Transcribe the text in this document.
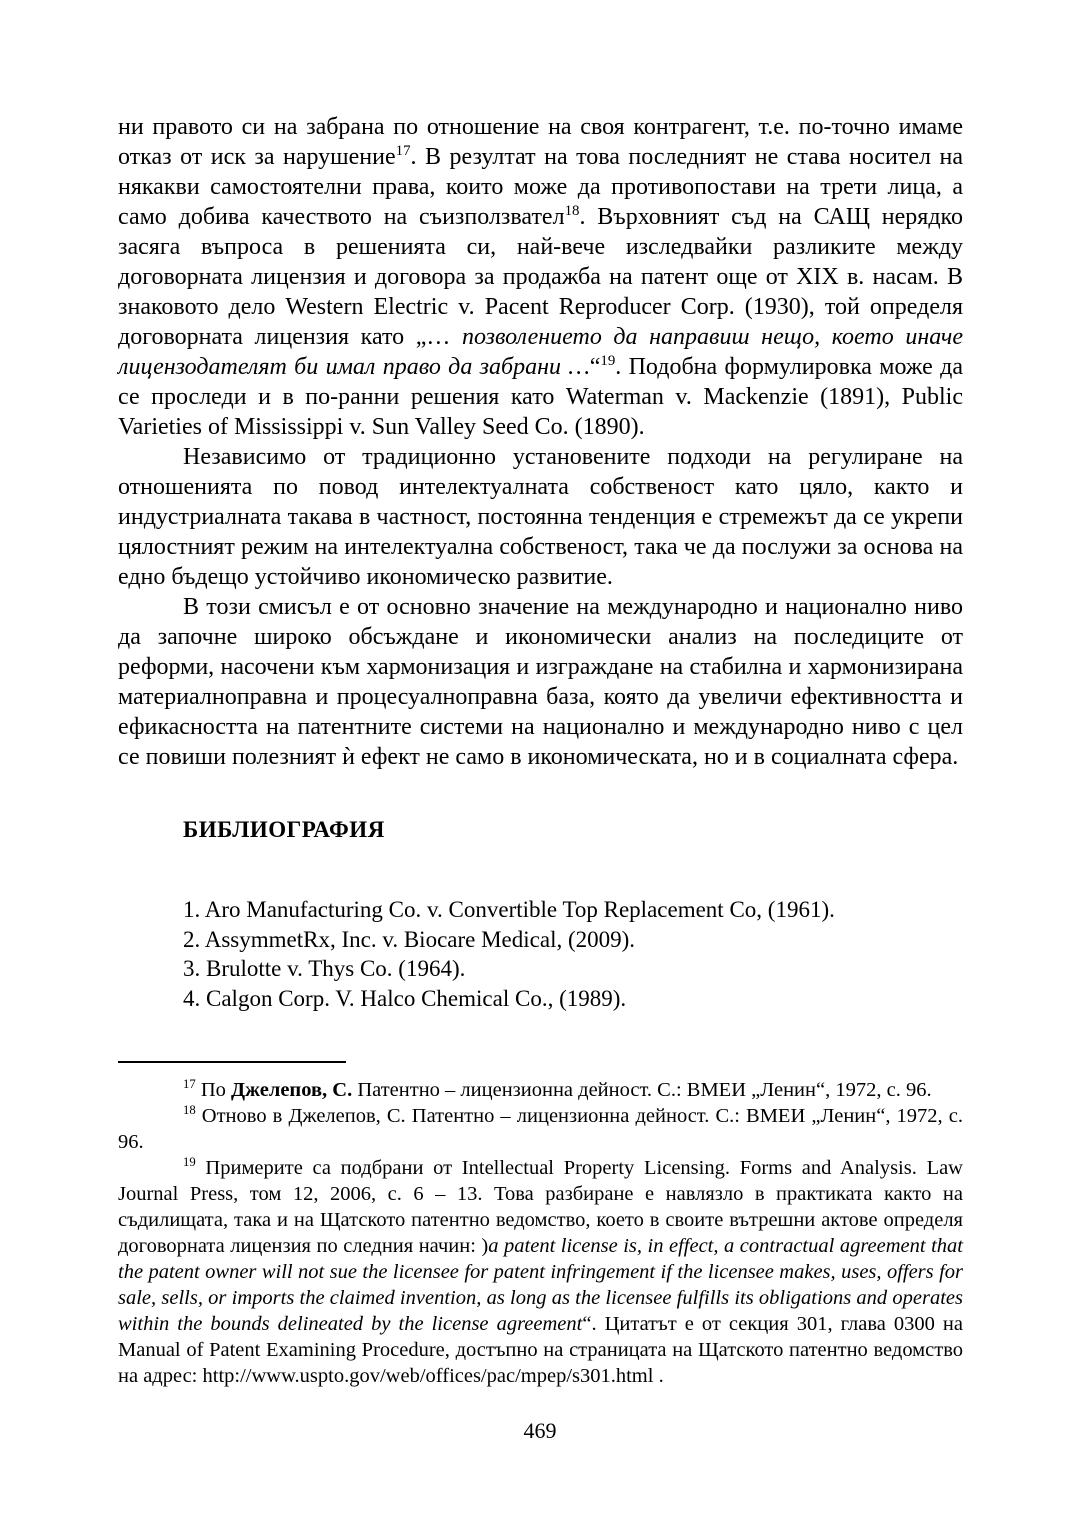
ни правото си на забрана по отношение на своя контрагент, т.е. по-точно имаме отказ от иск за нарушение$^{17}$. В резултат на това последният не става носител на някакви самостоятелни права, които може да противопостави на трети лица, а само добива качеството на съизползвател$^{18}$. Върховният съд на САЩ нерядко засяга въпроса в решенията си, най-вече изследвайки разликите между договорната лицензия и договора за продажба на патент още от XIX в. насам. В знаковото дело Western Electric v. Pacent Reproducer Corp. (1930), той определя договорната лицензия като „… позволението да направиш нещо, което иначе лицензодателят би имал право да забрани …“$^{19}$. Подобна формулировка може да се проследи и в по-ранни решения като Waterman v. Mackenzie (1891), Public Varieties of Mississippi v. Sun Valley Seed Co. (1890).

Независимо от традиционно установените подходи на регулиране на отношенията по повод интелектуалната собственост като цяло, както и индустриалната такава в частност, постоянна тенденция е стремежът да се укрепи цялостният режим на интелектуална собственост, така че да послужи за основа на едно бъдещо устойчиво икономическо развитие.

В този смисъл е от основно значение на международно и национално ниво да започне широко обсъждане и икономически анализ на последиците от реформи, насочени към хармонизация и изграждане на стабилна и хармонизирана материалноправна и процесуалноправна база, която да увеличи ефективността и ефикасността на патентните системи на национално и международно ниво с цел се повиши полезният ѝ ефект не само в икономическата, но и в социалната сфера.

БИБЛИОГРАФИЯ
1. Aro Manufacturing Co. v. Convertible Top Replacement Co, (1961).
2. AssymmetRx, Inc. v. Biocare Medical, (2009).
3. Brulotte v. Thys Co. (1964).
4. Calgon Corp. V. Halco Chemical Co., (1989).

$^{17}$ По Джелепов, С. Патентно – лицензионна дейност. С.: ВМЕИ „Ленин“, 1972, с. 96.

$^{18}$ Отново в Джелепов, С. Патентно – лицензионна дейност. С.: ВМЕИ „Ленин“, 1972, с. 96.

$^{19}$ Примерите са подбрани от Intellectual Property Licensing. Forms and Analysis. Law Journal Press, том 12, 2006, с. 6 – 13. Това разбиране е навлязло в практиката както на съдилищата, така и на Щатското патентно ведомство, което в своите вътрешни актове определя договорната лицензия по следния начин: )a patent license is, in effect, a contractual agreement that the patent owner will not sue the licensee for patent infringement if the licensee makes, uses, offers for sale, sells, or imports the claimed invention, as long as the licensee fulfills its obligations and operates within the bounds delineated by the license agreement“. Цитатът е от секция 301, глава 0300 на Manual of Patent Examining Procedure, достъпно на страницата на Щатското патентно ведомство на адрес: http://www.uspto.gov/web/offices/pac/mpep/s301.html .

469
